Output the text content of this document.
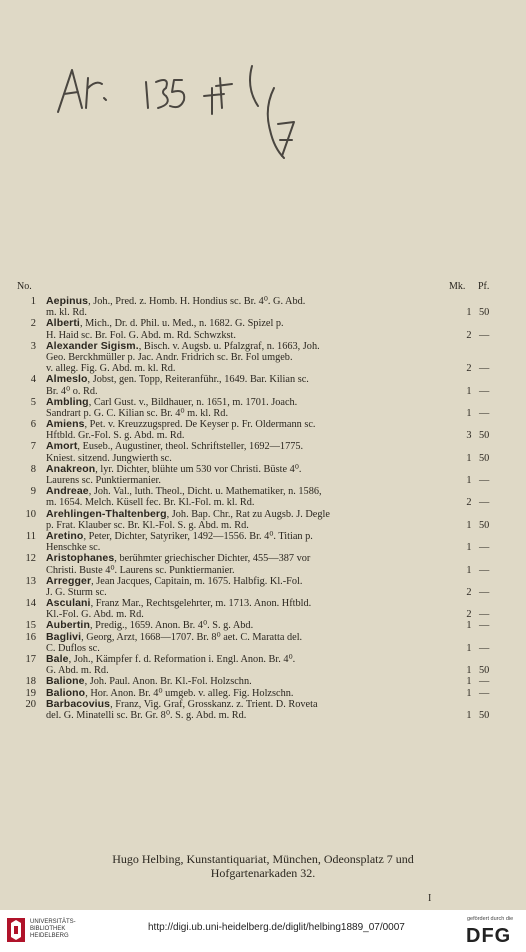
No.	Mk. Pf.
1 Aepinus, Joh., Pred. z. Homb. H. Hondius sc. Br. 4⁰. G. Abd.
m. kl. Rd.	1 50
2 Alberti, Mich., Dr. d. Phil. u. Med., n. 1682. G. Spizel p.
H. Haid sc. Br. Fol. G. Abd. m. Rd. Schwzkst.	2 —
3 Alexander Sigism., Bisch. v. Augsb. u. Pfalzgraf, n. 1663, Joh.
Geo. Berckhmüller p. Jac. Andr. Fridrich sc. Br. Fol umgeb.
v. alleg. Fig. G. Abd. m. kl. Rd.	2 —
4 Almeslo, Jobst, gen. Topp, Reiteranführ., 1649. Bar. Kilian sc.
Br. 4⁰ o. Rd.	1 —
5 Ambling, Carl Gust. v., Bildhauer, n. 1651, m. 1701. Joach.
Sandrart p. G. C. Kilian sc. Br. 4⁰ m. kl. Rd.	1 —
6 Amiens, Pet. v. Kreuzzugspred. De Keyser p. Fr. Oldermann sc.
Hftbld. Gr.-Fol. S. g. Abd. m. Rd.	3 50
7 Amort, Euseb., Augustiner, theol. Schriftsteller, 1692—1775.
Kniest. sitzend. Jungwierth sc.	1 50
8 Anakreon, lyr. Dichter, blühte um 530 vor Christi. Büste 4⁰.
Laurens sc. Punktiermanier.	1 —
9 Andreae, Joh. Val., luth. Theol., Dicht. u. Mathematiker, n. 1586,
m. 1654. Melch. Küsell fec. Br. Kl.-Fol. m. kl. Rd.	2 —
10 Arehlingen-Thaltenberg, Joh. Bap. Chr., Rat zu Augsb. J. Degle
p. Frat. Klauber sc. Br. Kl.-Fol. S. g. Abd. m. Rd.	1 50
11 Aretino, Peter, Dichter, Satyriker, 1492—1556. Br. 4⁰. Titian p.
Henschke sc.	1 —
12 Aristophanes, berühmter griechischer Dichter, 455—387 vor
Christi. Buste 4⁰. Laurens sc. Punktiermanier.	1 —
13 Arregger, Jean Jacques, Capitain, m. 1675. Halbfig. Kl.-Fol.
J. G. Sturm sc.	2 —
14 Asculani, Franz Mar., Rechtsgelehrter, m. 1713. Anon. Hftbld.
Kl.-Fol. G. Abd. m. Rd.	2 —
15 Aubertin, Predig., 1659. Anon. Br. 4⁰. S. g. Abd.	1 —
16 Baglivi, Georg, Arzt, 1668—1707. Br. 8⁰ aet. C. Maratta del.
C. Duflos sc.	1 —
17 Bale, Joh., Kämpfer f. d. Reformation i. Engl. Anon. Br. 4⁰.
G. Abd. m. Rd.	1 50
18 Balione, Joh. Paul. Anon. Br. Kl.-Fol. Holzschn.	1 —
19 Baliono, Hor. Anon. Br. 4⁰ umgeb. v. alleg. Fig. Holzschn.	1 —
20 Barbacovius, Franz, Vig. Graf, Grosskanz. z. Trient. D. Roveta
del. G. Minatelli sc. Br. Gr. 8⁰. S. g. Abd. m. Rd.	1 50
Hugo Helbing, Kunstantiquariat, München, Odeonsplatz 7 und
Hofgartenarkaden 32.
I
UNIVERSITÄTS-
BIBLIOTHEK
HEIDELBERG
http://digi.ub.uni-heidelberg.de/diglit/helbing1889_07/0007
gefördert durch die
DFG
